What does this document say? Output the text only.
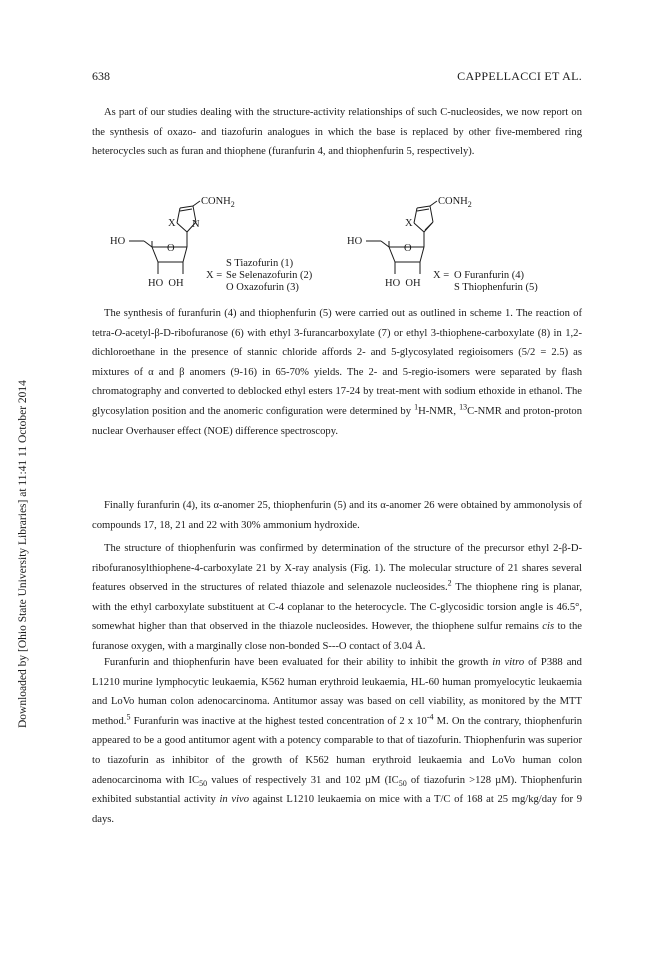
638	CAPPELLACCI ET AL.
Downloaded by [Ohio State University Libraries] at 11:41 11 October 2014

As part of our studies dealing with the structure-activity relationships of such C-nucleosides, we now report on the synthesis of oxazo- and tiazofurin analogues in which the base is replaced by other five-membered ring heterocycles such as furan and thiophene (furanfurin 4, and thiophenfurin 5, respectively).

$CONH_2$
X N
HO
O
HO  OH
X =
S Tiazofurin (1)
Se Selenazofurin (2)
O Oxazofurin (3)
$CONH_2$
X
HO
O
HO  OH
X = O Furanfurin (4)
S Thiophenfurin (5)

The synthesis of furanfurin (4) and thiophenfurin (5) were carried out as outlined in scheme 1. The reaction of tetra-O-acetyl-β-D-ribofuranose (6) with ethyl 3-furancarboxylate (7) or ethyl 3-thiophene-carboxylate (8) in 1,2-dichloroethane in the presence of stannic chloride affords 2- and 5-glycosylated regioisomers (5/2 = 2.5) as mixtures of α and β anomers (9-16) in 65-70% yields. The 2- and 5-regio-isomers were separated by flash chromatography and converted to deblocked ethyl esters 17-24 by treat-ment with sodium ethoxide in ethanol. The glycosylation position and the anomeric configuration were determined by $^1$H-NMR, $^{13}$C-NMR and proton-proton nuclear Overhauser effect (NOE) difference spectroscopy.

Finally furanfurin (4), its α-anomer 25, thiophenfurin (5) and its α-anomer 26 were obtained by ammonolysis of compounds 17, 18, 21 and 22 with 30% ammonium hydroxide.

The structure of thiophenfurin was confirmed by determination of the structure of the precursor ethyl 2-β-D-ribofuranosylthiophene-4-carboxylate 21 by X-ray analysis (Fig. 1). The molecular structure of 21 shares several features observed in the structures of related thiazole and selenazole nucleosides.$^2$ The thiophene ring is planar, with the ethyl carboxylate substituent at C-4 coplanar to the heterocycle. The C-glycosidic torsion angle is 46.5°, somewhat higher than that observed in the thiazole nucleosides. However, the thiophene sulfur remains cis to the furanose oxygen, with a marginally close non-bonded S---O contact of 3.04 Å.

Furanfurin and thiophenfurin have been evaluated for their ability to inhibit the growth in vitro of P388 and L1210 murine lymphocytic leukaemia, K562 human erythroid leukaemia, HL-60 human promyelocytic leukaemia and LoVo human colon adenocarcinoma. Antitumor assay was based on cell viability, as monitored by the MTT method.$^5$ Furanfurin was inactive at the highest tested concentration of 2 x $10^{-4}$ M. On the contrary, thiophenfurin appeared to be a good antitumor agent with a potency comparable to that of tiazofurin. Thiophenfurin was superior to tiazofurin as inhibitor of the growth of K562 human erythroid leukaemia and LoVo human colon adenocarcinoma with $IC_{50}$ values of respectively 31 and 102 µM ($IC_{50}$ of tiazofurin >128 µM). Thiophenfurin exhibited substantial activity in vivo against L1210 leukaemia on mice with a T/C of 168 at 25 mg/kg/day for 9 days.
